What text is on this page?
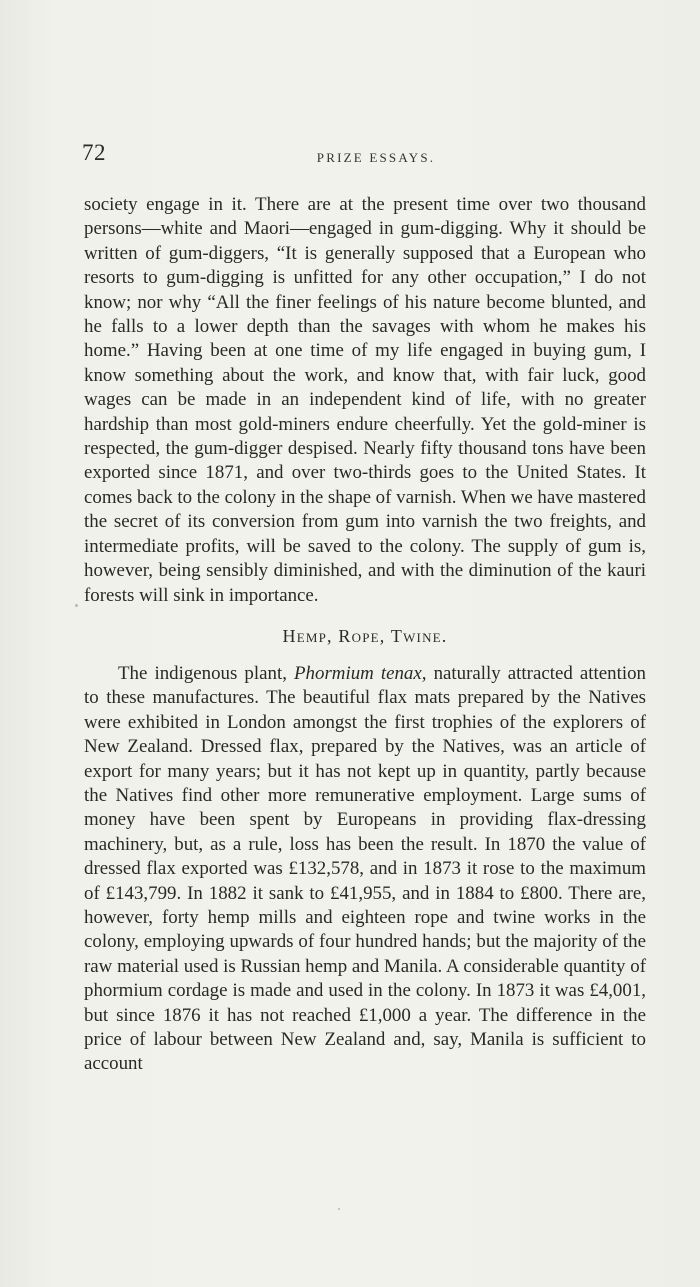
72	PRIZE ESSAYS.

society engage in it. There are at the present time over two thousand persons—white and Maori—engaged in gum-digging. Why it should be written of gum-diggers, “It is generally supposed that a European who resorts to gum-digging is unfitted for any other occupation,” I do not know; nor why “All the finer feelings of his nature become blunted, and he falls to a lower depth than the savages with whom he makes his home.” Having been at one time of my life engaged in buying gum, I know something about the work, and know that, with fair luck, good wages can be made in an independent kind of life, with no greater hardship than most gold-miners endure cheerfully. Yet the gold-miner is respected, the gum-digger despised. Nearly fifty thousand tons have been exported since 1871, and over two-thirds goes to the United States. It comes back to the colony in the shape of varnish. When we have mastered the secret of its conversion from gum into varnish the two freights, and intermediate profits, will be saved to the colony. The supply of gum is, however, being sensibly diminished, and with the diminution of the kauri forests will sink in importance.

Hemp, Rope, Twine.

The indigenous plant, Phormium tenax, naturally attracted attention to these manufactures. The beautiful flax mats prepared by the Natives were exhibited in London amongst the first trophies of the explorers of New Zealand. Dressed flax, prepared by the Natives, was an article of export for many years; but it has not kept up in quantity, partly because the Natives find other more remunerative employment. Large sums of money have been spent by Europeans in providing flax-dressing machinery, but, as a rule, loss has been the result. In 1870 the value of dressed flax exported was £132,578, and in 1873 it rose to the maximum of £143,799. In 1882 it sank to £41,955, and in 1884 to £800. There are, however, forty hemp mills and eighteen rope and twine works in the colony, employing upwards of four hundred hands; but the majority of the raw material used is Russian hemp and Manila. A considerable quantity of phormium cordage is made and used in the colony. In 1873 it was £4,001, but since 1876 it has not reached £1,000 a year. The difference in the price of labour between New Zealand and, say, Manila is sufficient to account
